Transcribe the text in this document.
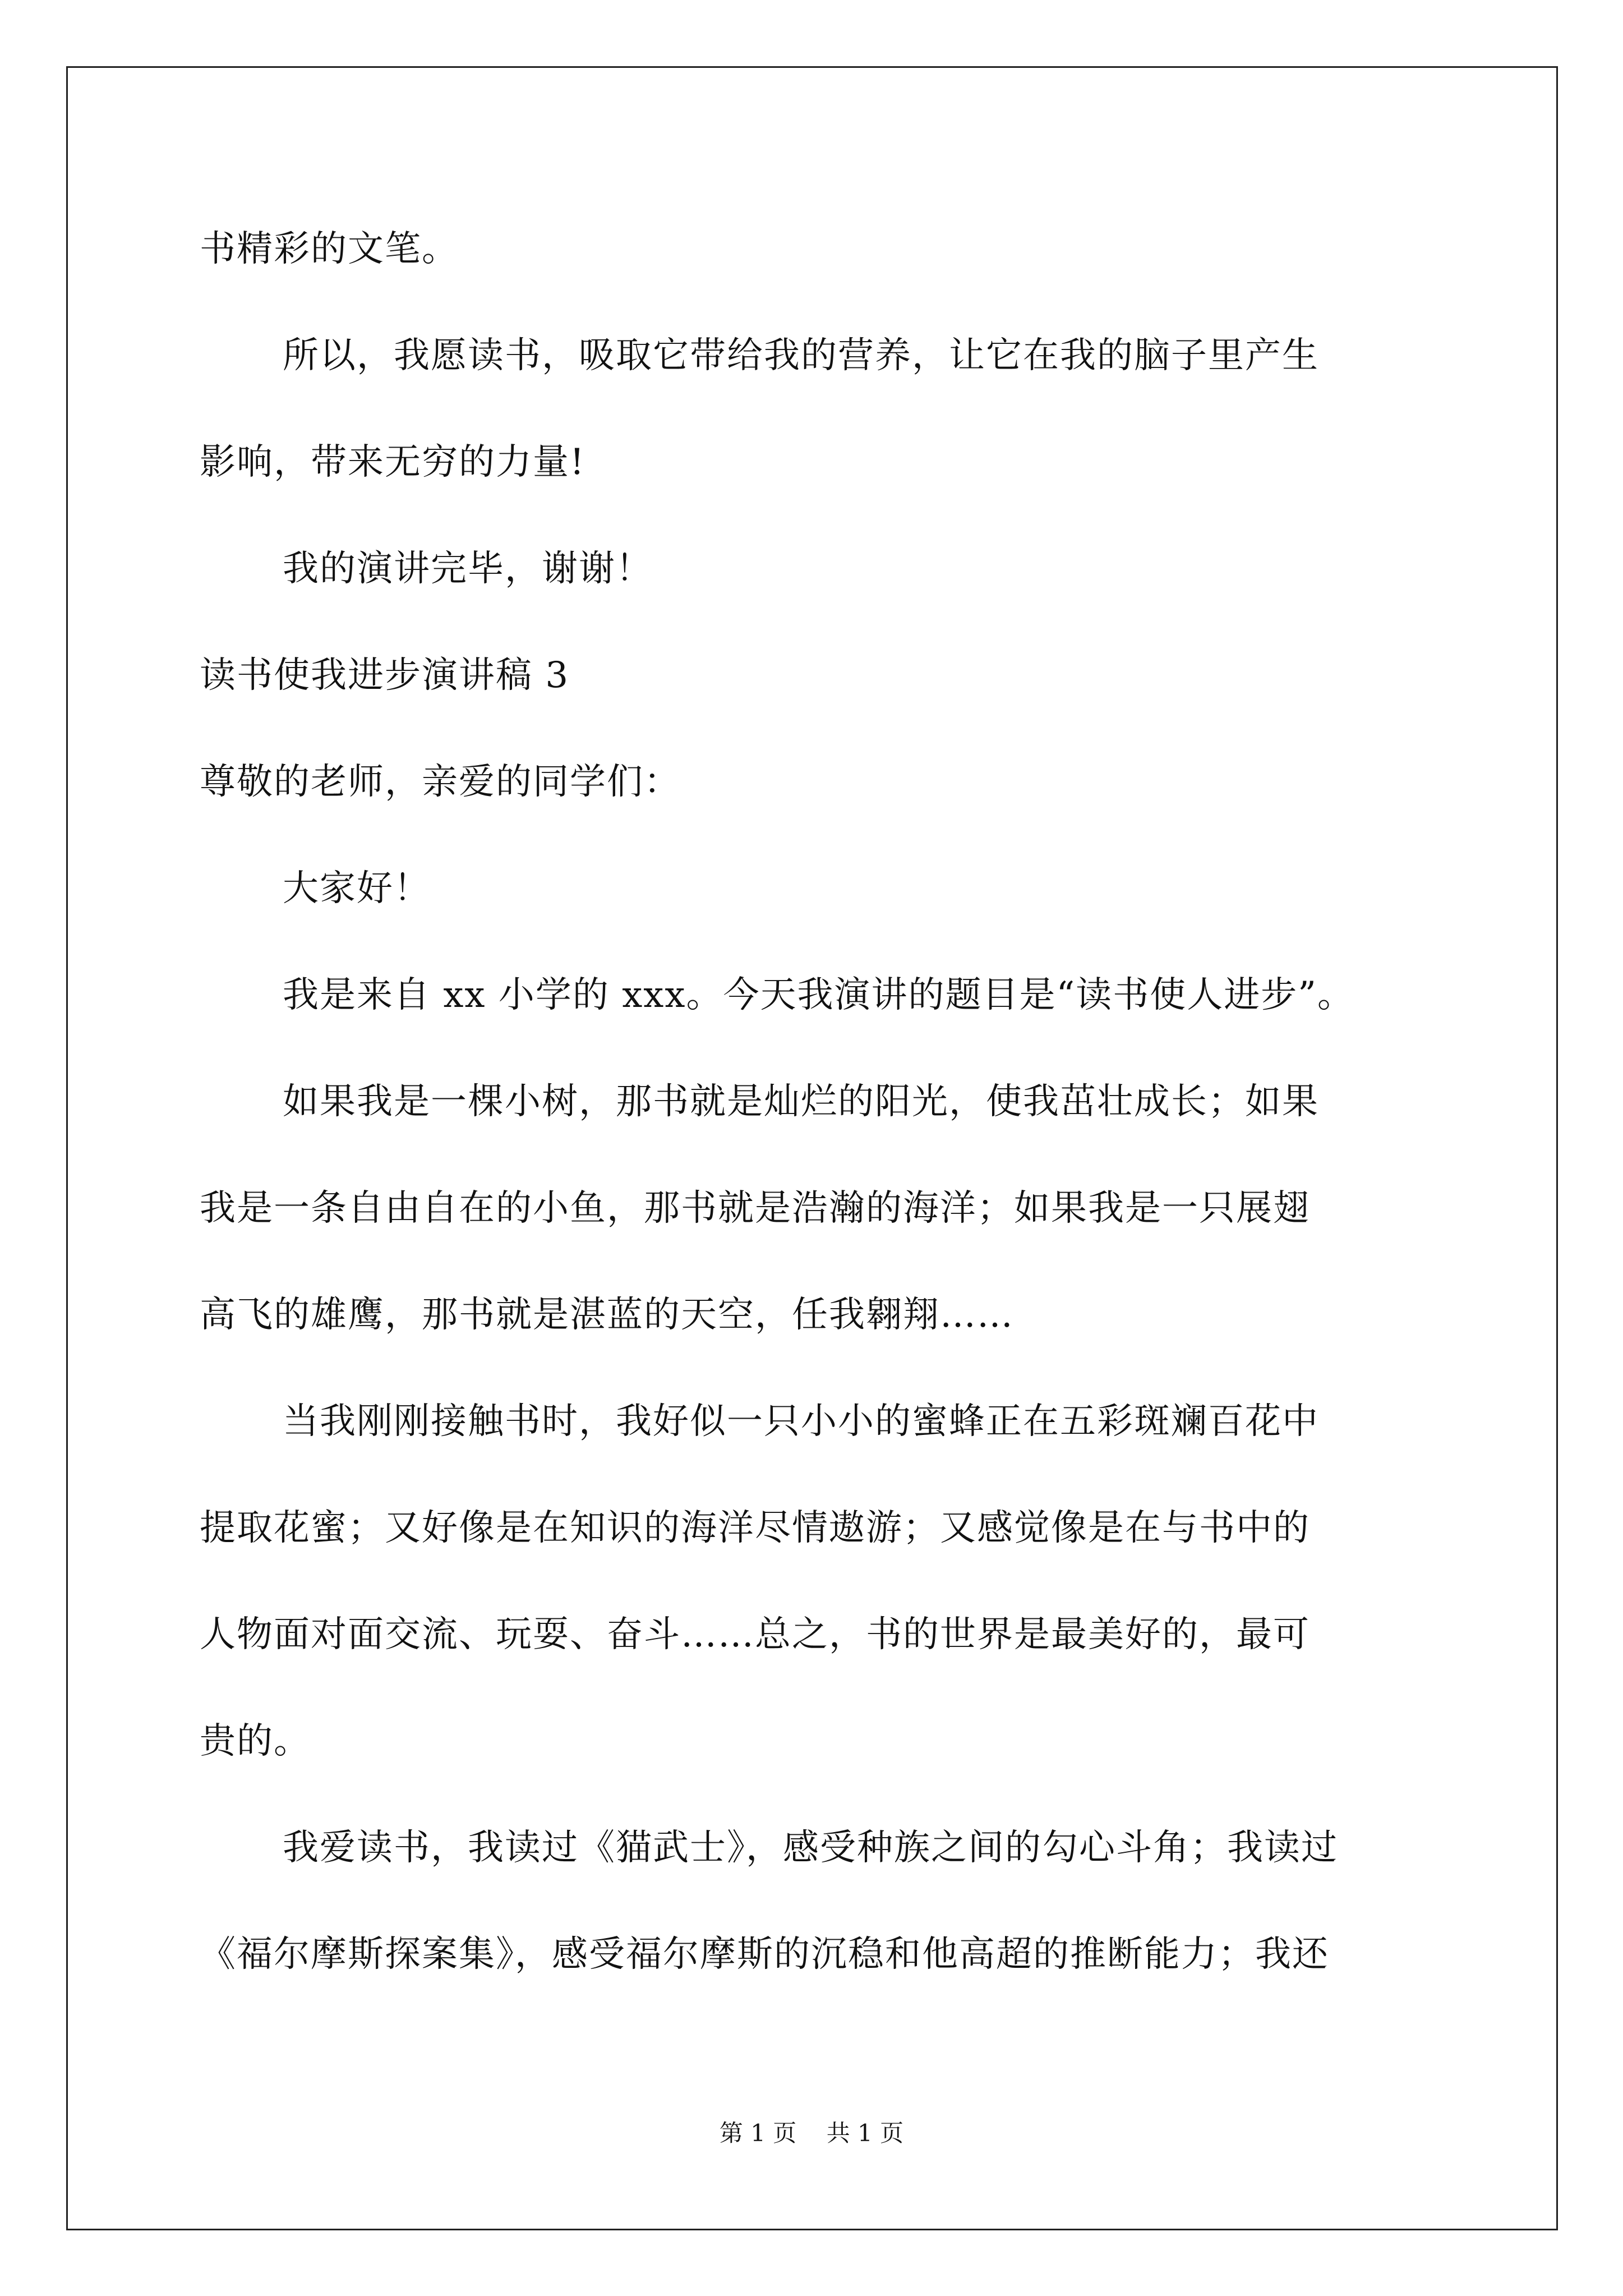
书精彩的文笔。
所以，我愿读书，吸取它带给我的营养，让它在我的脑子里产生
影响，带来无穷的力量!
我的演讲完毕，谢谢！
读书使我进步演讲稿 3
尊敬的老师，亲爱的同学们：
大家好！
我是来自 xx 小学的 xxx。今天我演讲的题目是“读书使人进步”。
如果我是一棵小树，那书就是灿烂的阳光，使我茁壮成长；如果
我是一条自由自在的小鱼，那书就是浩瀚的海洋；如果我是一只展翅
高飞的雄鹰，那书就是湛蓝的天空，任我翱翔……
当我刚刚接触书时，我好似一只小小的蜜蜂正在五彩斑斓百花中
提取花蜜；又好像是在知识的海洋尽情遨游；又感觉像是在与书中的
人物面对面交流、玩耍、奋斗……总之，书的世界是最美好的，最可
贵的。
我爱读书，我读过《猫武士》，感受种族之间的勾心斗角；我读过
《福尔摩斯探案集》，感受福尔摩斯的沉稳和他高超的推断能力；我还
第 1 页    共 1 页
